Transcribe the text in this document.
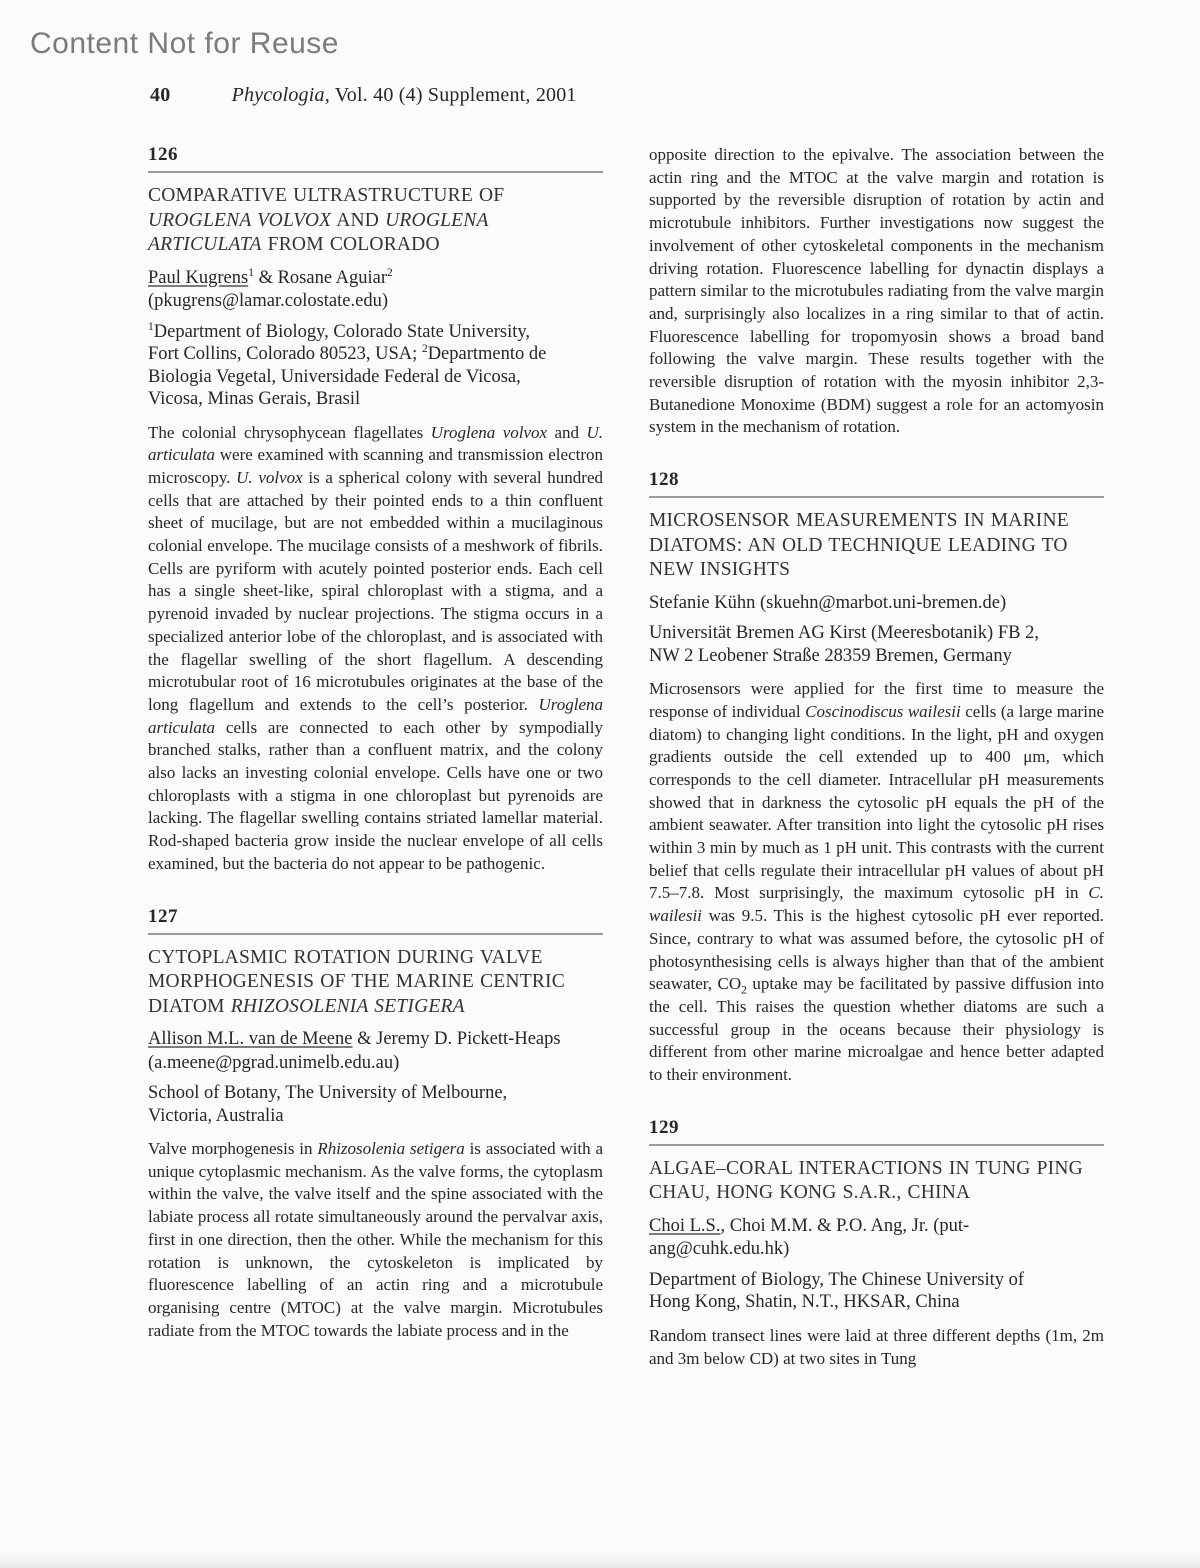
Content Not for Reuse
40	Phycologia, Vol. 40 (4) Supplement, 2001
126
COMPARATIVE ULTRASTRUCTURE OF
UROGLENA VOLVOX AND UROGLENA
ARTICULATA FROM COLORADO

Paul Kugrens$^1$ & Rosane Aguiar$^2$
(pkugrens@lamar.colostate.edu)

$^1$Department of Biology, Colorado State University,
Fort Collins, Colorado 80523, USA; $^2$Departmento de
Biologia Vegetal, Universidade Federal de Vicosa,
Vicosa, Minas Gerais, Brasil

The colonial chrysophycean flagellates Uroglena volvox and U. articulata were examined with scanning and transmission electron microscopy. U. volvox is a spherical colony with several hundred cells that are attached by their pointed ends to a thin confluent sheet of mucilage, but are not embedded within a mucilaginous colonial envelope. The mucilage consists of a meshwork of fibrils. Cells are pyriform with acutely pointed posterior ends. Each cell has a single sheet-like, spiral chloroplast with a stigma, and a pyrenoid invaded by nuclear projections. The stigma occurs in a specialized anterior lobe of the chloroplast, and is associated with the flagellar swelling of the short flagellum. A descending microtubular root of 16 microtubules originates at the base of the long flagellum and extends to the cell’s posterior. Uroglena articulata cells are connected to each other by sympodially branched stalks, rather than a confluent matrix, and the colony also lacks an investing colonial envelope. Cells have one or two chloroplasts with a stigma in one chloroplast but pyrenoids are lacking. The flagellar swelling contains striated lamellar material. Rod-shaped bacteria grow inside the nuclear envelope of all cells examined, but the bacteria do not appear to be pathogenic.

127
CYTOPLASMIC ROTATION DURING VALVE
MORPHOGENESIS OF THE MARINE CENTRIC
DIATOM RHIZOSOLENIA SETIGERA

Allison M.L. van de Meene & Jeremy D. Pickett-Heaps
(a.meene@pgrad.unimelb.edu.au)

School of Botany, The University of Melbourne,
Victoria, Australia

Valve morphogenesis in Rhizosolenia setigera is associated with a unique cytoplasmic mechanism. As the valve forms, the cytoplasm within the valve, the valve itself and the spine associated with the labiate process all rotate simultaneously around the pervalvar axis, first in one direction, then the other. While the mechanism for this rotation is unknown, the cytoskeleton is implicated by fluorescence labelling of an actin ring and a microtubule organising centre (MTOC) at the valve margin. Microtubules radiate from the MTOC towards the labiate process and in the

opposite direction to the epivalve. The association between the actin ring and the MTOC at the valve margin and rotation is supported by the reversible disruption of rotation by actin and microtubule inhibitors. Further investigations now suggest the involvement of other cytoskeletal components in the mechanism driving rotation. Fluorescence labelling for dynactin displays a pattern similar to the microtubules radiating from the valve margin and, surprisingly also localizes in a ring similar to that of actin. Fluorescence labelling for tropomyosin shows a broad band following the valve margin. These results together with the reversible disruption of rotation with the myosin inhibitor 2,3-Butanedione Monoxime (BDM) suggest a role for an actomyosin system in the mechanism of rotation.

128
MICROSENSOR MEASUREMENTS IN MARINE
DIATOMS: AN OLD TECHNIQUE LEADING TO
NEW INSIGHTS

Stefanie Kühn (skuehn@marbot.uni-bremen.de)

Universität Bremen AG Kirst (Meeresbotanik) FB 2,
NW 2 Leobener Straße 28359 Bremen, Germany

Microsensors were applied for the first time to measure the response of individual Coscinodiscus wailesii cells (a large marine diatom) to changing light conditions. In the light, pH and oxygen gradients outside the cell extended up to 400 μm, which corresponds to the cell diameter. Intracellular pH measurements showed that in darkness the cytosolic pH equals the pH of the ambient seawater. After transition into light the cytosolic pH rises within 3 min by much as 1 pH unit. This contrasts with the current belief that cells regulate their intracellular pH values of about pH 7.5–7.8. Most surprisingly, the maximum cytosolic pH in C. wailesii was 9.5. This is the highest cytosolic pH ever reported. Since, contrary to what was assumed before, the cytosolic pH of photosynthesising cells is always higher than that of the ambient seawater, $CO_2$ uptake may be facilitated by passive diffusion into the cell. This raises the question whether diatoms are such a successful group in the oceans because their physiology is different from other marine microalgae and hence better adapted to their environment.

129
ALGAE–CORAL INTERACTIONS IN TUNG PING
CHAU, HONG KONG S.A.R., CHINA

Choi L.S., Choi M.M. & P.O. Ang, Jr. (put-
ang@cuhk.edu.hk)

Department of Biology, The Chinese University of
Hong Kong, Shatin, N.T., HKSAR, China

Random transect lines were laid at three different depths (1m, 2m and 3m below CD) at two sites in Tung
